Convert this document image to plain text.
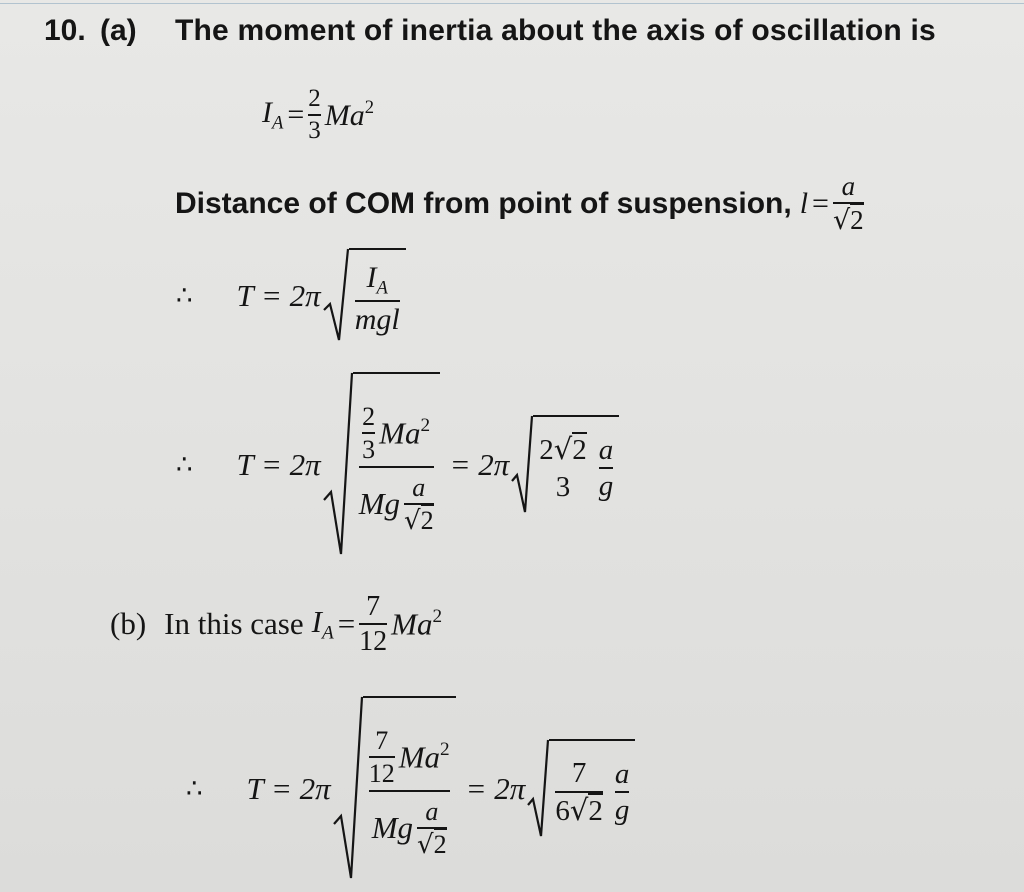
10. (a) The moment of inertia about the axis of oscillation is
$I_A = \frac{2}{3} Ma^2$
Distance of COM from point of suspension, $l = \frac{a}{√2}$
∴ $T = 2\pi \frac{I_A}{\text{mgl}}$
∴ $T = 2\pi \frac{\frac{2}{3} Ma^2}{Mg \frac{a}{√2}} = 2\pi$ 2√2
$3 \frac{a}{g}$
(b) In this case $I_A = \frac{7}{12} Ma^2$
∴ $T = 2\pi \frac{\frac{7}{12} Ma^2}{Mg \frac{a}{√2}} = 2\pi \frac{7}{6√2} \frac{a}{g}$
